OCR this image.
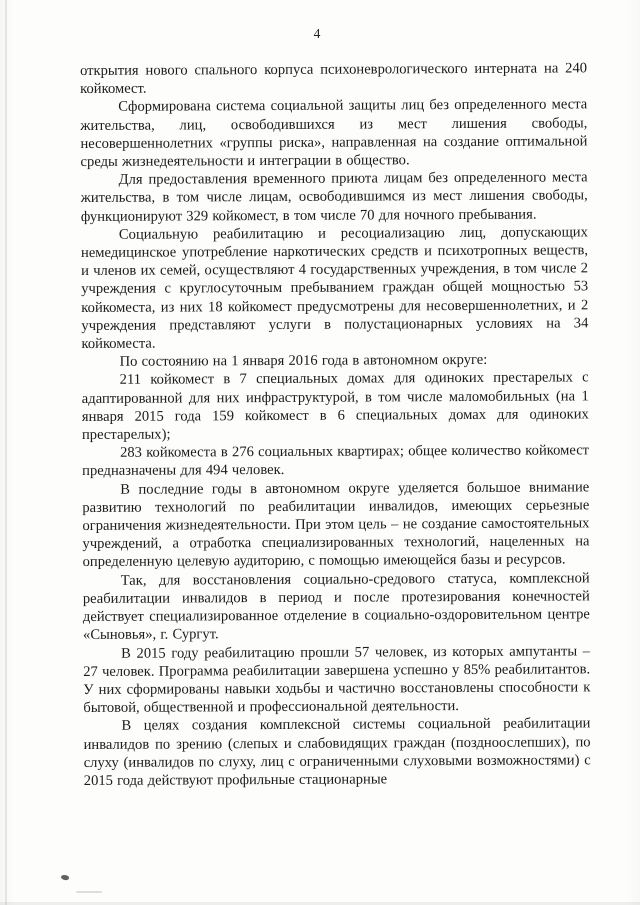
4

открытия нового спального корпуса психоневрологического интерната на 240 койкомест.

Сформирована система социальной защиты лиц без определенного места жительства, лиц, освободившихся из мест лишения свободы, несовершеннолетних «группы риска», направленная на создание оптимальной среды жизнедеятельности и интеграции в общество.

Для предоставления временного приюта лицам без определенного места жительства, в том числе лицам, освободившимся из мест лишения свободы, функционируют 329 койкомест, в том числе 70 для ночного пребывания.

Социальную реабилитацию и ресоциализацию лиц, допускающих немедицинское употребление наркотических средств и психотропных веществ, и членов их семей, осуществляют 4 государственных учреждения, в том числе 2 учреждения с круглосуточным пребыванием граждан общей мощностью 53 койкоместа, из них 18 койкомест предусмотрены для несовершеннолетних, и 2 учреждения представляют услуги в полустационарных условиях на 34 койкоместа.

По состоянию на 1 января 2016 года в автономном округе:

211 койкомест в 7 специальных домах для одиноких престарелых с адаптированной для них инфраструктурой, в том числе маломобильных (на 1 января 2015 года 159 койкомест в 6 специальных домах для одиноких престарелых);

283 койкоместа в 276 социальных квартирах; общее количество койкомест предназначены для 494 человек.

В последние годы в автономном округе уделяется большое внимание развитию технологий по реабилитации инвалидов, имеющих серьезные ограничения жизнедеятельности. При этом цель – не создание самостоятельных учреждений, а отработка специализированных технологий, нацеленных на определенную целевую аудиторию, с помощью имеющейся базы и ресурсов.

Так, для восстановления социально-средового статуса, комплексной реабилитации инвалидов в период и после протезирования конечностей действует специализированное отделение в социально-оздоровительном центре «Сыновья», г. Сургут.

В 2015 году реабилитацию прошли 57 человек, из которых ампутанты – 27 человек. Программа реабилитации завершена успешно у 85% реабилитантов. У них сформированы навыки ходьбы и частично восстановлены способности к бытовой, общественной и профессиональной деятельности.

В целях создания комплексной системы социальной реабилитации инвалидов по зрению (слепых и слабовидящих граждан (поздноослепших), по слуху (инвалидов по слуху, лиц с ограниченными слуховыми возможностями) с 2015 года действуют профильные стационарные
